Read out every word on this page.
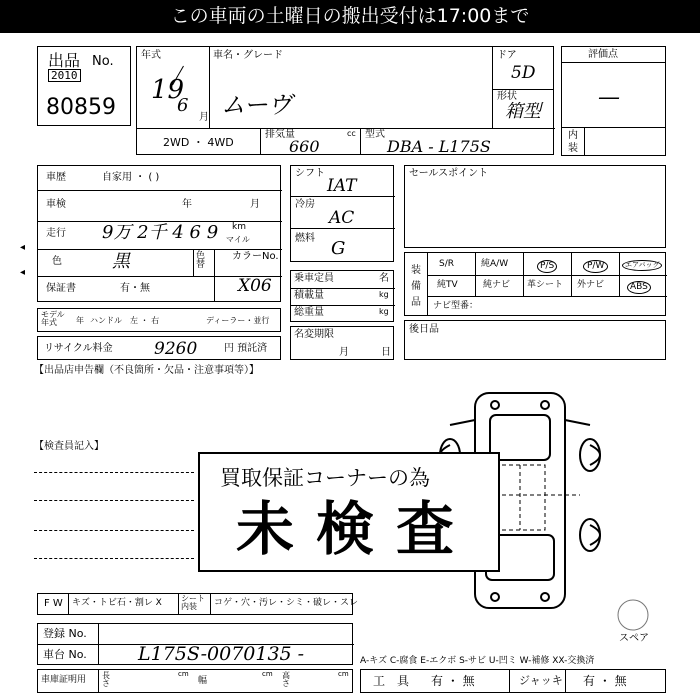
この車両の土曜日の搬出受付は17:00まで
出品 No.
2010
80859
年式
19
6
月
車名・グレード
ムーヴ
ドア
5D
形状
箱型
2WD ・ 4WD
排気量
660
cc 型式
DBA - L175S
評価点
—
内装
車歴	自家用 ・ ( )
車検	年	月
走行 9万 2千 4 6 9 km
マイル
色	黒	色替
カラーNo.
X06
保証書	有・無
モデル 年式	年 ハンドル 左 ・ 右	ディーラー・並行
リサイクル料金 9260	円 預託済
シフト
IAT
冷房
AC
燃料 G
乗車定員	名
積載量	kg
総重量	kg
名変期限
月	日
セールスポイント
装備品
S/R	純A/W	P/S	P/W	エアバッグ
純TV	純ナビ 革シート 外ナビ	ABS
ナビ型番：
後日品
【出品店申告欄（不良箇所・欠品・注意事項等）】
【検査員記入】
スペア
買取保証コーナーの為
未検査
F W キズ・トビ石・割レ X シート内装	コゲ・穴・汚レ・シミ・破レ・スレ
登録 No.
車台 No.	L175S-0070135 -
車庫証明用 長さ
cm
幅
cm 高さ
cm
A-キズ C-腐食 E-エクボ S-サビ U-凹ミ W-補修 XX-交換済
工　具 有 ・ 無	ジャッキ 有 ・ 無
◂
◂
